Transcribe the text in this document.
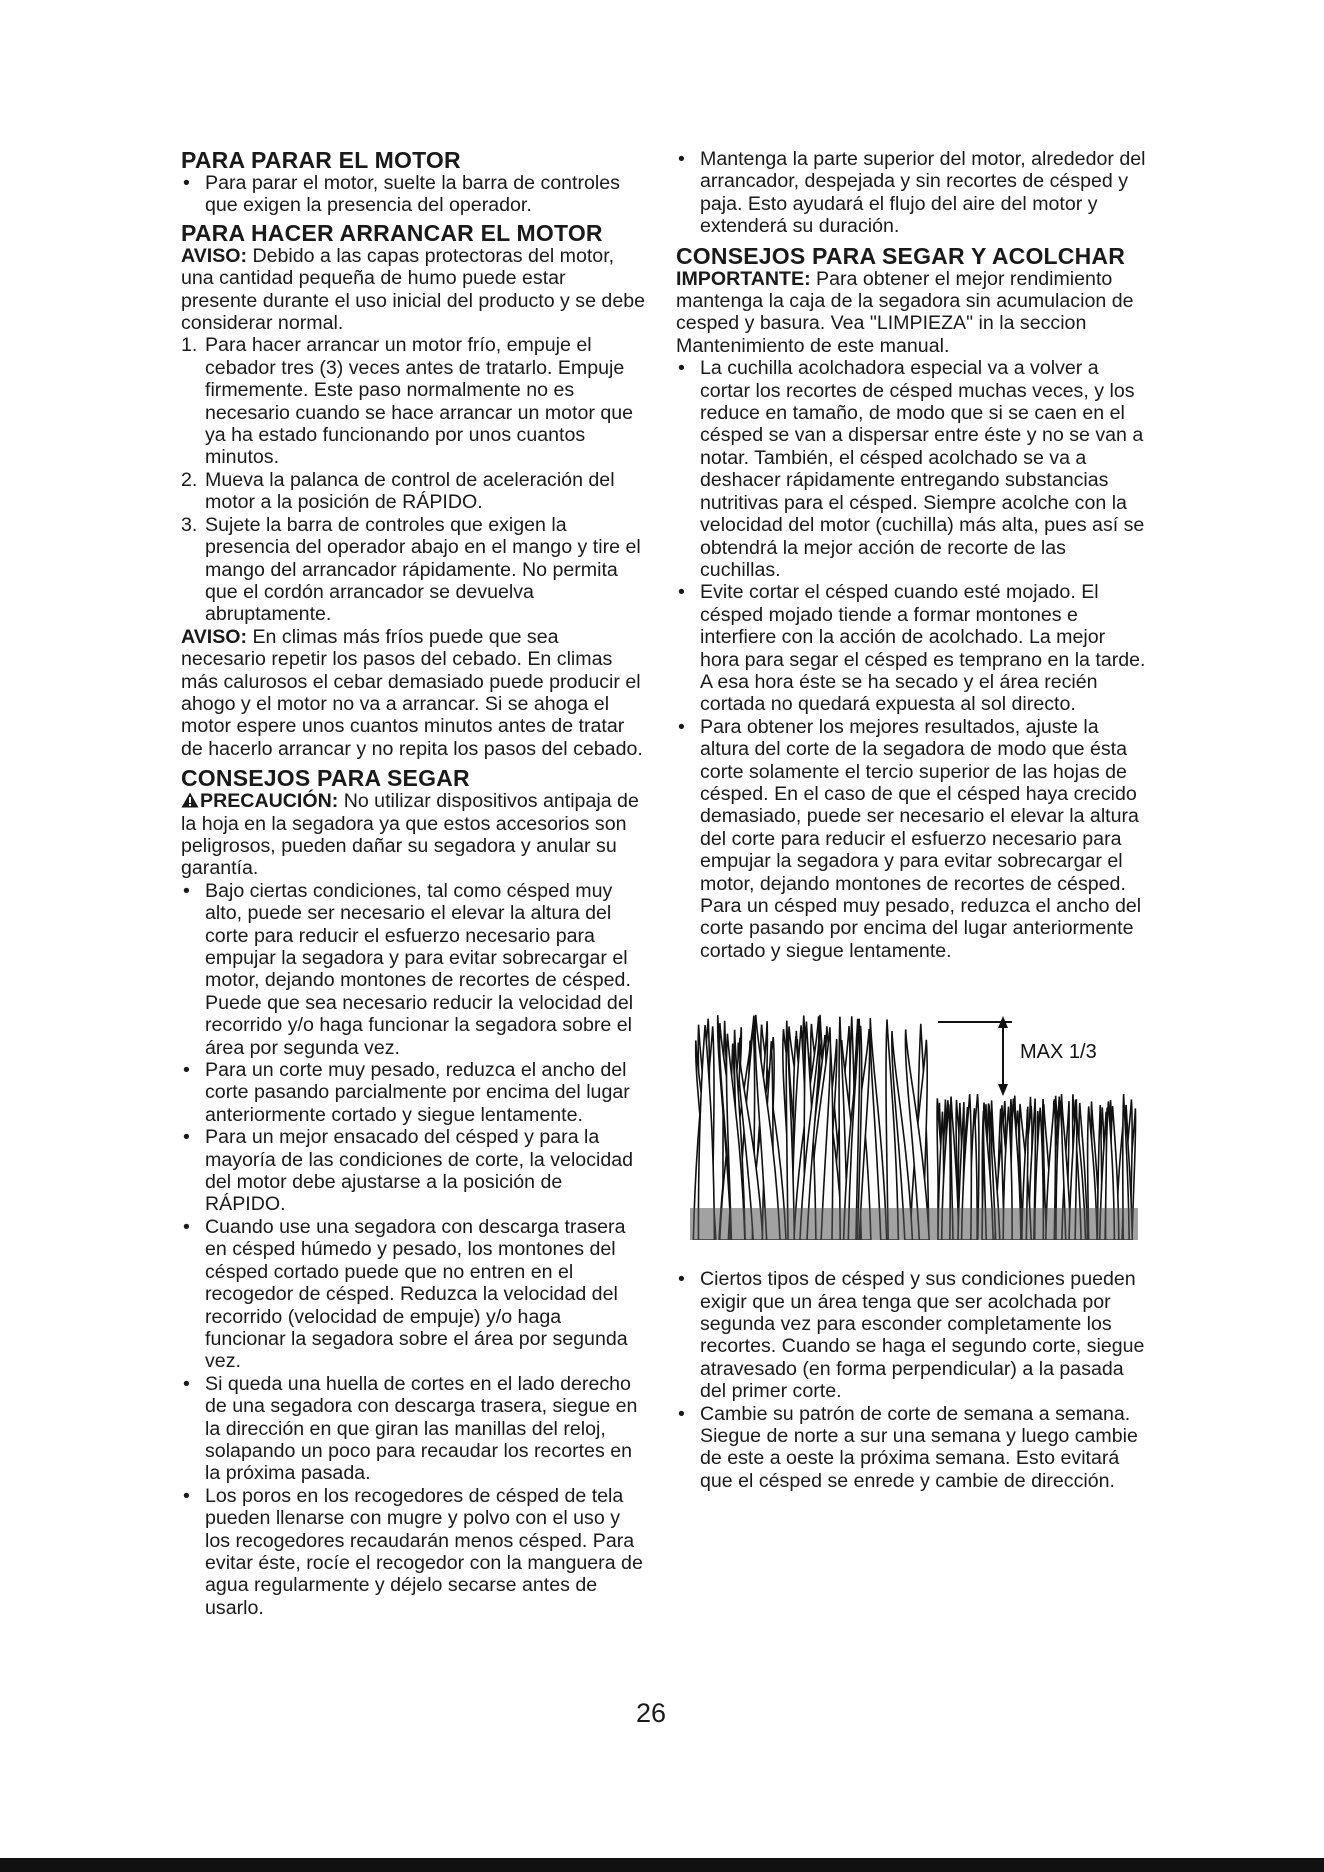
PARA PARAR EL MOTOR
• Para parar el motor, suelte la barra de controles que exigen la presencia del operador.
PARA HACER ARRANCAR EL MOTOR

AVISO: Debido a las capas protectoras del motor, una cantidad pequeña de humo puede estar presente durante el uso inicial del producto y se debe considerar normal.

1. Para hacer arrancar un motor frío, empuje el cebador tres (3) veces antes de tratarlo. Empuje firmemente. Este paso normalmente no es necesario cuando se hace arrancar un motor que ya ha estado funcionando por unos cuantos minutos.
2. Mueva la palanca de control de aceleración del motor a la posición de RÁPIDO.
3. Sujete la barra de controles que exigen la presencia del operador abajo en el mango y tire el mango del arrancador rápidamente. No permita que el cordón arrancador se devuelva abruptamente.

AVISO: En climas más fríos puede que sea necesario repetir los pasos del cebado. En climas más calurosos el cebar demasiado puede producir el ahogo y el motor no va a arrancar. Si se ahoga el motor espere unos cuantos minutos antes de tratar de hacerlo arrancar y no repita los pasos del cebado.

CONSEJOS PARA SEGAR

PRECAUCIÓN: No utilizar dispositivos antipaja de la hoja en la segadora ya que estos accesorios son peligrosos, pueden dañar su segadora y anular su garantía.

• Bajo ciertas condiciones, tal como césped muy alto, puede ser necesario el elevar la altura del corte para reducir el esfuerzo necesario para empujar la segadora y para evitar sobrecargar el motor, dejando montones de recortes de césped. Puede que sea necesario reducir la velocidad del recorrido y/o haga funcionar la segadora sobre el área por segunda vez.
• Para un corte muy pesado, reduzca el ancho del corte pasando parcialmente por encima del lugar anteriormente cortado y siegue lentamente.
• Para un mejor ensacado del césped y para la mayoría de las condiciones de corte, la velocidad del motor debe ajustarse a la posición de RÁPIDO.
• Cuando use una segadora con descarga trasera en césped húmedo y pesado, los montones del césped cortado puede que no entren en el recogedor de césped. Reduzca la velocidad del recorrido (velocidad de empuje) y/o haga funcionar la segadora sobre el área por segunda vez.
• Si queda una huella de cortes en el lado derecho de una segadora con descarga trasera, siegue en la dirección en que giran las manillas del reloj, solapando un poco para recaudar los recortes en la próxima pasada.
• Los poros en los recogedores de césped de tela pueden llenarse con mugre y polvo con el uso y los recogedores recaudarán menos césped. Para evitar éste, rocíe el recogedor con la manguera de agua regularmente y déjelo secarse antes de usarlo.
• Mantenga la parte superior del motor, alrededor del arrancador, despejada y sin recortes de césped y paja. Esto ayudará el flujo del aire del motor y extenderá su duración.
CONSEJOS PARA SEGAR Y ACOLCHAR

IMPORTANTE: Para obtener el mejor rendimiento mantenga la caja de la segadora sin acumulacion de cesped y basura. Vea "LIMPIEZA" in la seccion Mantenimiento de este manual.

• La cuchilla acolchadora especial va a volver a cortar los recortes de césped muchas veces, y los reduce en tamaño, de modo que si se caen en el césped se van a dispersar entre éste y no se van a notar. También, el césped acolchado se va a deshacer rápidamente entregando substancias nutritivas para el césped. Siempre acolche con la velocidad del motor (cuchilla) más alta, pues así se obtendrá la mejor acción de recorte de las cuchillas.
• Evite cortar el césped cuando esté mojado. El césped mojado tiende a formar montones e interfiere con la acción de acolchado. La mejor hora para segar el césped es temprano en la tarde. A esa hora éste se ha secado y el área recién cortada no quedará expuesta al sol directo.
• Para obtener los mejores resultados, ajuste la altura del corte de la segadora de modo que ésta corte solamente el tercio superior de las hojas de césped. En el caso de que el césped haya crecido demasiado, puede ser necesario el elevar la altura del corte para reducir el esfuerzo necesario para empujar la segadora y para evitar sobrecargar el motor, dejando montones de recortes de césped. Para un césped muy pesado, reduzca el ancho del corte pasando por encima del lugar anteriormente cortado y siegue lentamente.
MAX 1/3
• Ciertos tipos de césped y sus condiciones pueden exigir que un área tenga que ser acolchada por segunda vez para esconder completamente los recortes. Cuando se haga el segundo corte, siegue atravesado (en forma perpendicular) a la pasada del primer corte.
• Cambie su patrón de corte de semana a semana. Siegue de norte a sur una semana y luego cambie de este a oeste la próxima semana. Esto evitará que el césped se enrede y cambie de dirección.
26
